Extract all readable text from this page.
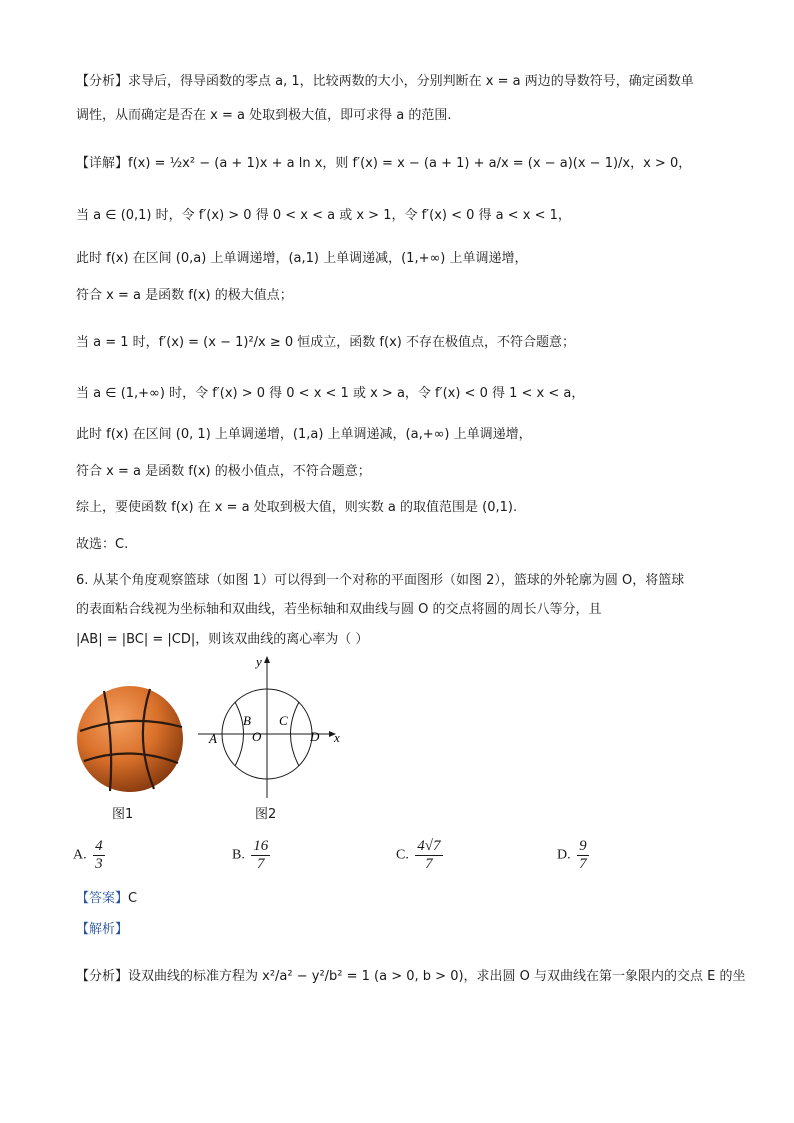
【分析】求导后，得导函数的零点 a, 1，比较两数的大小，分别判断在 x = a 两边的导数符号，确定函数单
调性，从而确定是否在 x = a 处取到极大值，即可求得 a 的范围.
【详解】f(x) = ½x² − (a + 1)x + a ln x，则 f′(x) = x − (a + 1) + a/x = (x − a)(x − 1)/x，x > 0，
当 a ∈ (0,1) 时，令 f′(x) > 0 得 0 < x < a 或 x > 1，令 f′(x) < 0 得 a < x < 1，
此时 f(x) 在区间 (0,a) 上单调递增，(a,1) 上单调递减，(1,+∞) 上单调递增，
符合 x = a 是函数 f(x) 的极大值点；
当 a = 1 时，f′(x) = (x − 1)²/x ≥ 0 恒成立，函数 f(x) 不存在极值点，不符合题意；
当 a ∈ (1,+∞) 时，令 f′(x) > 0 得 0 < x < 1 或 x > a，令 f′(x) < 0 得 1 < x < a，
此时 f(x) 在区间 (0, 1) 上单调递增，(1,a) 上单调递减，(a,+∞) 上单调递增，
符合 x = a 是函数 f(x) 的极小值点，不符合题意；
综上，要使函数 f(x) 在 x = a 处取到极大值，则实数 a 的取值范围是 (0,1).
故选：C.
6. 从某个角度观察篮球（如图 1）可以得到一个对称的平面图形（如图 2），篮球的外轮廓为圆 O，将篮球
的表面粘合线视为坐标轴和双曲线，若坐标轴和双曲线与圆 O 的交点将圆的周长八等分，且
|AB| = |BC| = |CD|，则该双曲线的离心率为（ ）
图1
y
x
A
B C
O	D
图2
A. $\frac{4}{3}$	B. $\frac{16}{7}$	C. $\frac{4√7}{7}$	D. $\frac{9}{7}$
【答案】C
【解析】
【分析】设双曲线的标准方程为 x²/a² − y²/b² = 1 (a > 0, b > 0)，求出圆 O 与双曲线在第一象限内的交点 E 的坐
